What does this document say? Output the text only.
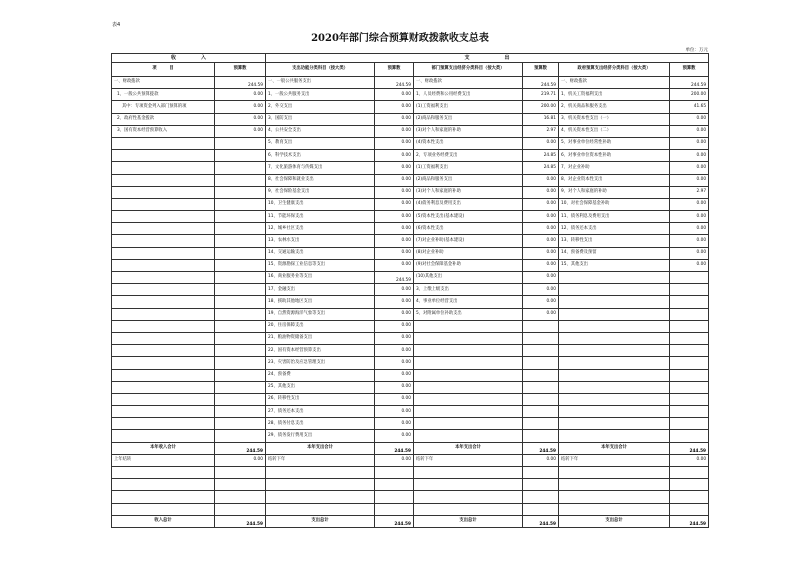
表4
2020年部门综合预算财政拨款收支总表
单位：万元
收　　　　　入		支　　　　　　　出					
项　　　目	预算数	支出功能分类科目（按大类）	预算数	部门预算支出经济分类科目（按大类）	预算数	政府预算支出经济分类科目（按大类）	预算数
一、财政拨款	244.59	一、一般公共服务支出	244.59	一、财政拨款	244.59	一、财政拨款	244.59
1、一般公共预算拨款	0.00	1、一般公共服务支出	0.00	1、人员经费和公用经费支出	219.71	1、机关工资福利支出	200.00
其中：专项资金列入部门预算的项	0.00	2、外交支出	0.00	(1)工资福利支出	200.00	2、机关商品和服务支出	41.65
2、政府性基金拨款	0.00	3、国防支出	0.00	(2)商品和服务支出	16.81	3、机关资本性支出（一）	0.00
3、国有资本经营预算收入	0.00	4、公共安全支出	0.00	(3)对个人和家庭的补助	2.97	4、机关资本性支出（二）	0.00
		5、教育支出	0.00	(4)资本性支出	0.00	5、对事业单位经常性补助	0.00
		6、科学技术支出	0.00	2、专项业务经费支出	24.85	6、对事业单位资本性补助	0.00
		7、文化旅游体育与传媒支出	0.00	(1)工资福利支出	24.85	7、对企业补助	0.00
		8、社会保障和就业支出	0.00	(2)商品和服务支出	0.00	8、对企业资本性支出	0.00
		9、社会保险基金支出	0.00	(3)对个人和家庭的补助	0.00	9、对个人和家庭的补助	2.97
		10、卫生健康支出	0.00	(4)债务利息及费用支出	0.00	10、对社会保障基金补助	0.00
		11、节能环保支出	0.00	(5)资本性支出(基本建设)	0.00	11、债务利息及费用支出	0.00
		12、城乡社区支出	0.00	(6)资本性支出	0.00	12、债务还本支出	0.00
		13、农林水支出	0.00	(7)对企业补助(基本建设)	0.00	13、转移性支出	0.00
		14、交通运输支出	0.00	(8)对企业补助	0.00	14、预备费及预留	0.00
		15、资源勘探工业信息等支出	0.00	(9)对社会保障基金补助	0.00	15、其他支出	0.00
		16、商业服务业等支出	244.59	(10)其他支出	0.00		
		17、金融支出	0.00	3、上缴上级支出	0.00		
		18、援助其他地区支出	0.00	4、事业单位经营支出	0.00		
		19、自然资源海洋气象等支出	0.00	5、对附属单位补助支出	0.00		
		20、住房保障支出	0.00				
		21、粮油物资储备支出	0.00				
		22、国有资本经营预算支出	0.00				
		23、灾害防治及应急管理支出	0.00				
		24、预备费	0.00				
		25、其他支出	0.00				
		26、转移性支出	0.00				
		27、债务还本支出	0.00				
		28、债务付息支出	0.00				
		29、债务发行费用支出	0.00				
本年收入合计	244.59	本年支出合计	244.59	本年支出合计	244.59	本年支出合计	244.59
上年结转	0.00	结转下年	0.00	结转下年	0.00	结转下年	0.00

收入总计	244.59	支出总计	244.59	支出总计	244.59	支出总计	244.59
